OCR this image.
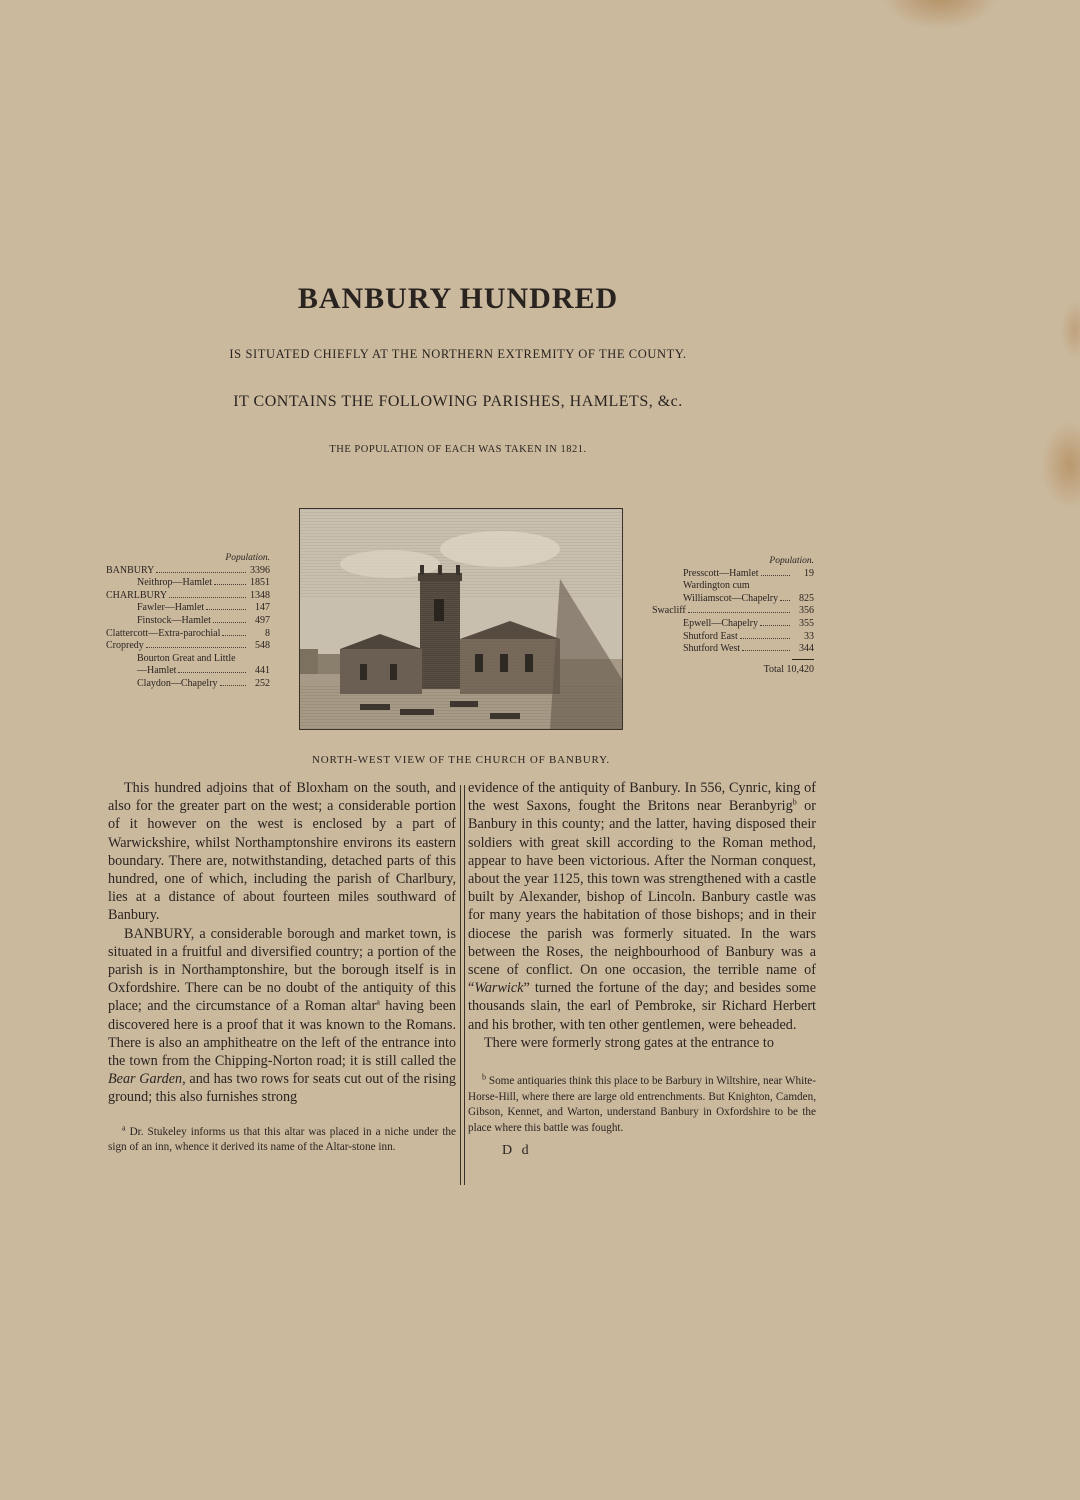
BANBURY HUNDRED
IS SITUATED CHIEFLY AT THE NORTHERN EXTREMITY OF THE COUNTY.
IT CONTAINS THE FOLLOWING PARISHES, HAMLETS, &c.
THE POPULATION OF EACH WAS TAKEN IN 1821.
Population.
BANBURY	3396
Neithrop—Hamlet	1851
CHARLBURY	1348
Fawler—Hamlet	147
Finstock—Hamlet	497
Clattercott—Extra-parochial	8
Cropredy	548
Bourton Great and Little
—Hamlet	441
Claydon—Chapelry	252
Population.
Presscott—Hamlet	19
Wardington cum
Williamscot—Chapelry	825
Swacliff	356
Epwell—Chapelry	355
Shutford East	33
Shutford West	344
Total 10,420
NORTH-WEST VIEW OF THE CHURCH OF BANBURY.

This hundred adjoins that of Bloxham on the south, and also for the greater part on the west; a considerable portion of it however on the west is enclosed by a part of Warwickshire, whilst Northamptonshire environs its eastern boundary. There are, notwithstanding, detached parts of this hundred, one of which, including the parish of Charlbury, lies at a distance of about fourteen miles southward of Banbury.

BANBURY, a considerable borough and market town, is situated in a fruitful and diversified country; a portion of the parish is in Northamptonshire, but the borough itself is in Oxfordshire. There can be no doubt of the antiquity of this place; and the circumstance of a Roman altar$^a$ having been discovered here is a proof that it was known to the Romans. There is also an amphitheatre on the left of the entrance into the town from the Chipping-Norton road; it is still called the Bear Garden, and has two rows for seats cut out of the rising ground; this also furnishes strong

$^a$ Dr. Stukeley informs us that this altar was placed in a niche under the sign of an inn, whence it derived its name of the Altar-stone inn.

evidence of the antiquity of Banbury. In 556, Cynric, king of the west Saxons, fought the Britons near Beranbyrig$^b$ or Banbury in this county; and the latter, having disposed their soldiers with great skill according to the Roman method, appear to have been victorious. After the Norman conquest, about the year 1125, this town was strengthened with a castle built by Alexander, bishop of Lincoln. Banbury castle was for many years the habitation of those bishops; and in their diocese the parish was formerly situated. In the wars between the Roses, the neighbourhood of Banbury was a scene of conflict. On one occasion, the terrible name of “Warwick” turned the fortune of the day; and besides some thousands slain, the earl of Pembroke, sir Richard Herbert and his brother, with ten other gentlemen, were beheaded.

There were formerly strong gates at the entrance to

$^b$ Some antiquaries think this place to be Barbury in Wiltshire, near White-Horse-Hill, where there are large old entrenchments. But Knighton, Camden, Gibson, Kennet, and Warton, understand Banbury in Oxfordshire to be the place where this battle was fought.

D d
